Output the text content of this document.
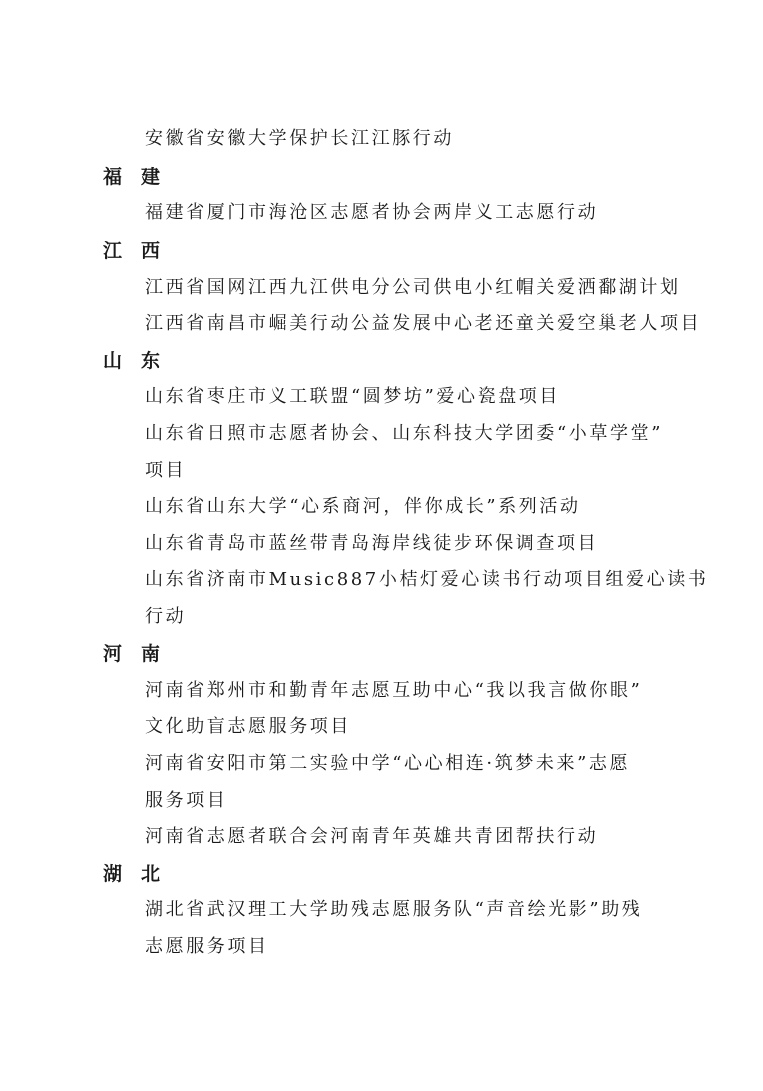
安徽省安徽大学保护长江江豚行动
福 建
福建省厦门市海沧区志愿者协会两岸义工志愿行动
江 西
江西省国网江西九江供电分公司供电小红帽关爱洒鄱湖计划
江西省南昌市崛美行动公益发展中心老还童关爱空巢老人项目
山 东
山东省枣庄市义工联盟“圆梦坊”爱心瓷盘项目
山东省日照市志愿者协会、山东科技大学团委“小草学堂”
项目
山东省山东大学“心系商河，伴你成长”系列活动
山东省青岛市蓝丝带青岛海岸线徒步环保调查项目
山东省济南市Music887小桔灯爱心读书行动项目组爱心读书
行动
河 南
河南省郑州市和勤青年志愿互助中心“我以我言做你眼”
文化助盲志愿服务项目
河南省安阳市第二实验中学“心心相连·筑梦未来”志愿
服务项目
河南省志愿者联合会河南青年英雄共青团帮扶行动
湖 北
湖北省武汉理工大学助残志愿服务队“声音绘光影”助残
志愿服务项目
